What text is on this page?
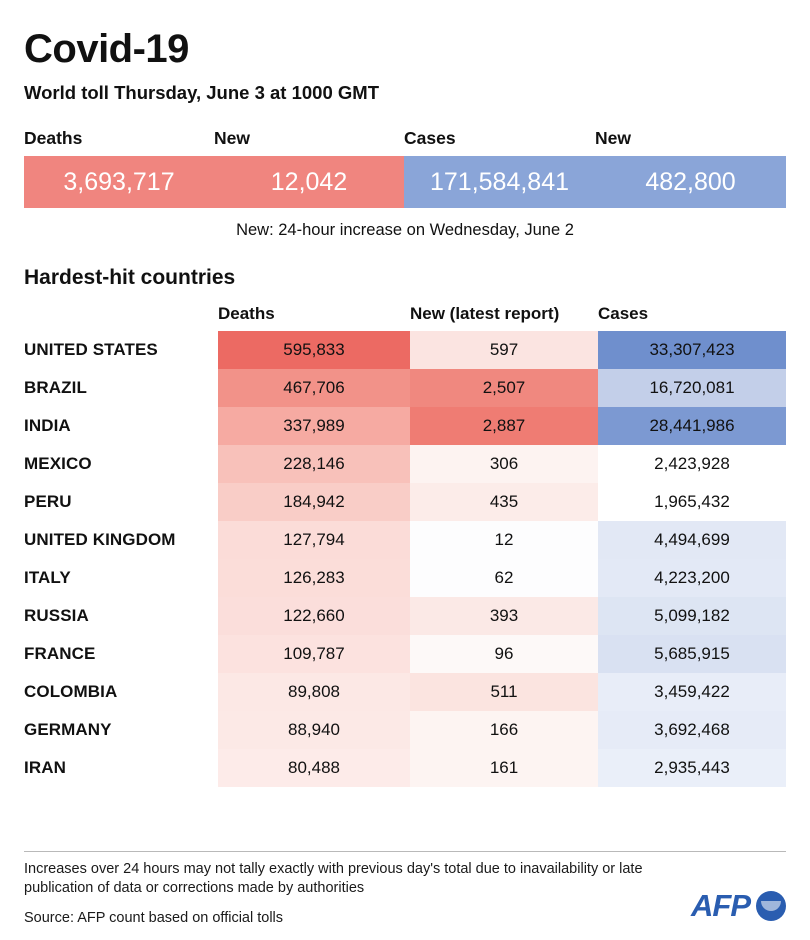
Covid-19
World toll Thursday, June 3 at 1000 GMT
Deaths	New	Cases	New
3,693,717	12,042	171,584,841	482,800
New: 24-hour increase on Wednesday, June 2
Hardest-hit countries
	Deaths	New (latest report)	Cases
UNITED STATES	595,833	597	33,307,423
BRAZIL	467,706	2,507	16,720,081
INDIA	337,989	2,887	28,441,986
MEXICO	228,146	306	2,423,928
PERU	184,942	435	1,965,432
UNITED KINGDOM	127,794	12	4,494,699
ITALY	126,283	62	4,223,200
RUSSIA	122,660	393	5,099,182
FRANCE	109,787	96	5,685,915
COLOMBIA	89,808	511	3,459,422
GERMANY	88,940	166	3,692,468
IRAN	80,488	161	2,935,443
Increases over 24 hours may not tally exactly with previous day's total due to inavailability or late publication of data or corrections made by authorities
Source: AFP count based on official tolls	AFP
